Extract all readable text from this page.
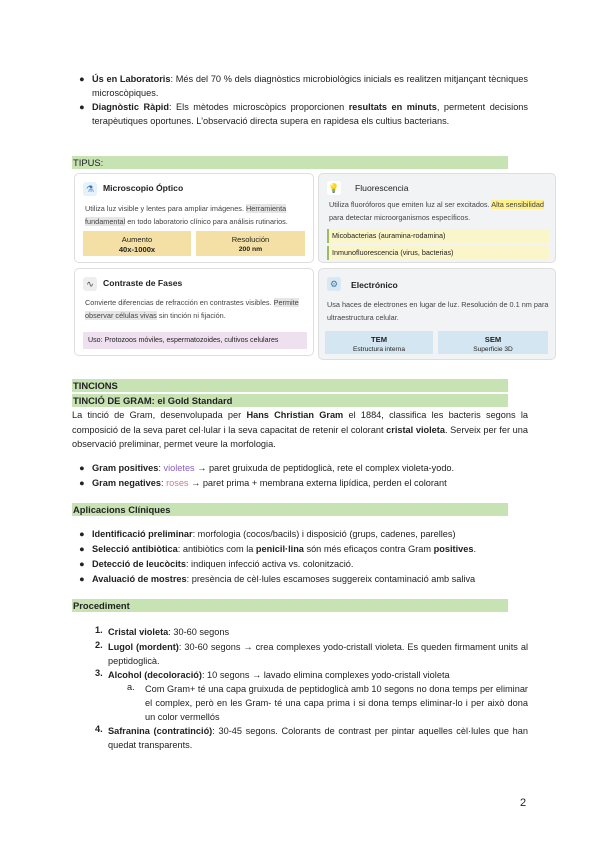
● Ús en Laboratoris: Més del 70 % dels diagnòstics microbiològics inicials es realitzen mitjançant tècniques microscòpiques.
● Diagnòstic Ràpid: Els mètodes microscòpics proporcionen resultats en minuts, permetent decisions terapèutiques oportunes. L'observació directa supera en rapidesa els cultius bacterians.
TIPUS:
⚗	Microscopio Óptico
Utiliza luz visible y lentes para ampliar imágenes. Herramienta fundamental en todo laboratorio clínico para análisis rutinarios.
Aumento
40x-1000x
Resolución
200 nm
💡 Fluorescencia
Utiliza fluoróforos que emiten luz al ser excitados. Alta sensibilidad para detectar microorganismos específicos.
Micobacterias (auramina-rodamina)
Inmunofluorescencia (virus, bacterias)
∿	Contraste de Fases
Convierte diferencias de refracción en contrastes visibles. Permite observar células vivas sin tinción ni fijación.
Uso: Protozoos móviles, espermatozoides, cultivos celulares
⚙	Electrónico
Usa haces de electrones en lugar de luz. Resolución de 0.1 nm para ultraestructura celular.
TEM
Estructura interna
SEM
Superficie 3D
TINCIONS
TINCIÓ DE GRAM: el Gold Standard
La tinció de Gram, desenvolupada per Hans Christian Gram el 1884, classifica les bacteris segons la composició de la seva paret cel·lular i la seva capacitat de retenir el colorant cristal violeta. Serveix per fer una observació preliminar, permet veure la morfologia.
● Gram positives: violetes → paret gruixuda de peptidoglicà, rete el complex violeta-yodo.
● Gram negatives: roses → paret prima + membrana externa lipídica, perden el colorant
Aplicacions Clíniques
● Identificació preliminar: morfologia (cocos/bacils) i disposició (grups, cadenes, parelles)
● Selecció antibiòtica: antibiòtics com la penicil·lina són més eficaços contra Gram positives.
● Detecció de leucòcits: indiquen infecció activa vs. colonització.
● Avaluació de mostres: presència de cèl·lules escamoses suggereix contaminació amb saliva
Procediment
1. Cristal violeta: 30-60 segons
2. Lugol (mordent): 30-60 segons → crea complexes yodo-cristall violeta. Es queden firmament units al peptidoglicà.
3. Alcohol (decoloració): 10 segons → lavado elimina complexes yodo-cristall violeta
a. Com Gram+ té una capa gruixuda de peptidoglicà amb 10 segons no dona temps per eliminar el complex, però en les Gram- té una capa prima i si dona temps eliminar-lo i per això dona un color vermellós
4. Safranina (contratinció): 30-45 segons. Colorants de contrast per pintar aquelles cèl·lules que han quedat transparents.
2
